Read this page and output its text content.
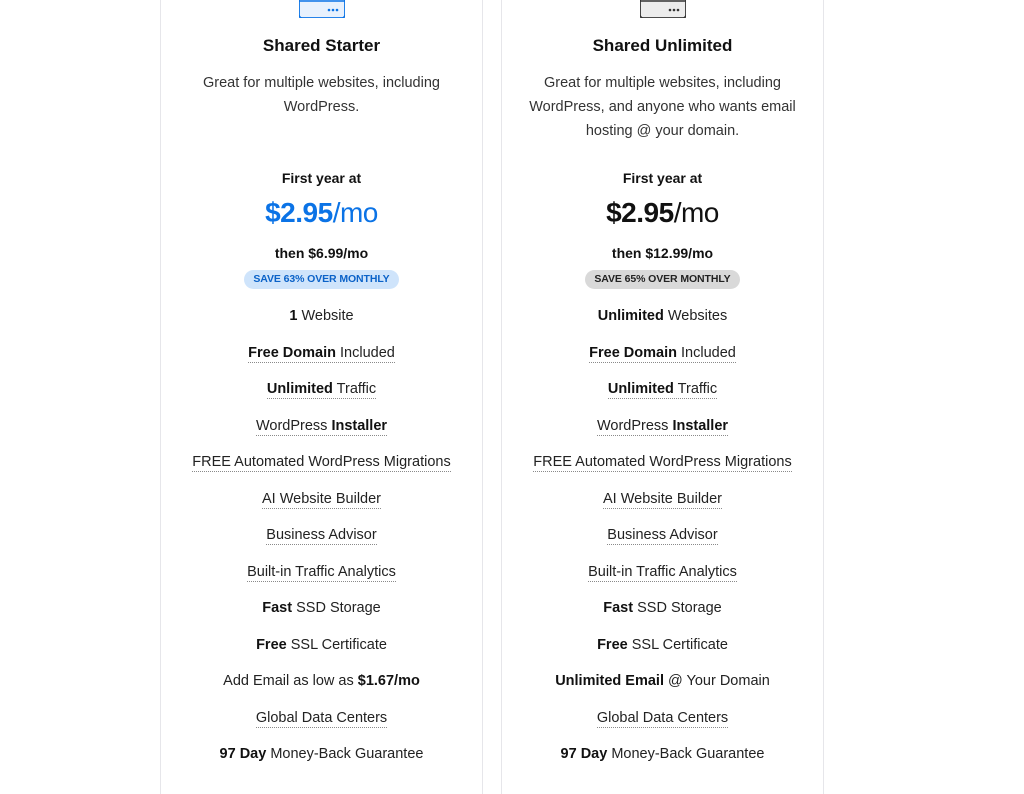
Shared Starter
Great for multiple websites, including WordPress.
First year at
$2.95/mo
then $6.99/mo
SAVE 63% OVER MONTHLY
1 Website
Free Domain Included
Unlimited Traffic
WordPress Installer
FREE Automated WordPress Migrations
AI Website Builder
Business Advisor
Built-in Traffic Analytics
Fast SSD Storage
Free SSL Certificate
Add Email as low as $1.67/mo
Global Data Centers
97 Day Money-Back Guarantee
Shared Unlimited
Great for multiple websites, including WordPress, and anyone who wants email hosting @ your domain.
First year at
$2.95/mo
then $12.99/mo
SAVE 65% OVER MONTHLY
Unlimited Websites
Free Domain Included
Unlimited Traffic
WordPress Installer
FREE Automated WordPress Migrations
AI Website Builder
Business Advisor
Built-in Traffic Analytics
Fast SSD Storage
Free SSL Certificate
Unlimited Email @ Your Domain
Global Data Centers
97 Day Money-Back Guarantee
